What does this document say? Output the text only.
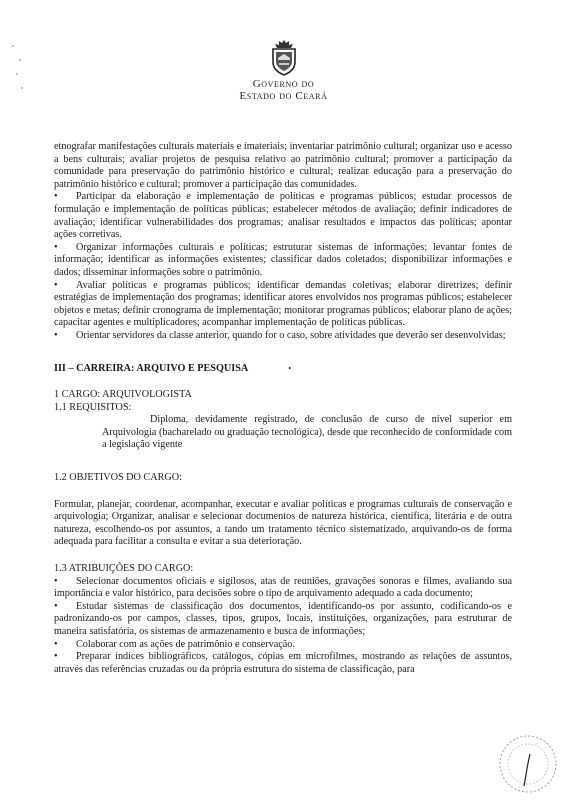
Governo do
Estado do Ceará

etnografar manifestações culturais materiais e imateriais; inventariar patrimônio cultural; organizar uso e acesso a bens culturais; avaliar projetos de pesquisa relativo ao patrimônio cultural; promover a participação da comunidade para preservação do patrimônio histórico e cultural; realizar educação para a preservação do patrimônio histórico e cultural; promover a participação das comunidades.

• Participar da elaboração e implementação de políticas e programas públicos; estudar processos de formulação e implementação de políticas públicas; estabelecer métodos de avaliação; definir indicadores de avaliação; identificar vulnerabilidades dos programas; analisar resultados e impactos das políticas; apontar ações corretivas.

• Organizar informações culturais e políticas; estruturar sistemas de informações; levantar fontes de informação; identificar as informações existentes; classificar dados coletados; disponibilizar informações e dados; disseminar informações sobre o patrimônio.

• Avaliar políticas e programas públicos; identificar demandas coletivas; elaborar diretrizes; definir estratégias de implementação dos programas; identificar atores envolvidos nos programas públicos; estabelecer objetos e metas; definir cronograma de implementação; monitorar programas públicos; elaborar plano de ações; capacitar agentes e multiplicadores; acompanhar implementação de políticas públicas.

• Orientar servidores da classe anterior, quando for o caso, sobre atividades que deverão ser desenvolvidas;

III – CARREIRA: ARQUIVO E PESQUISA	•

1 CARGO: ARQUIVOLOGISTA

1.1 REQUISITOS:

Diploma, devidamente registrado, de conclusão de curso de nível superior em Arquivologia (bacharelado ou graduação tecnológica), desde que reconhecido de conformidade com a legislação vigente

1.2 OBJETIVOS DO CARGO:

Formular, planejar, coordenar, acompanhar, executar e avaliar políticas e programas culturais de conservação e arquivologia; Organizar, analisar e selecionar documentos de natureza histórica, científica, literária e de outra natureza, escolhendo-os por assuntos, a tando um tratamento técnico sistematizado, arquivando-os de forma adequada para facilitar a consulta e evitar a sua deterioração.

1.3 ATRIBUIÇÕES DO CARGO:

• Selecionar documentos oficiais e sigilosos, atas de reuniões, gravações sonoras e filmes, avaliando sua importância e valor histórico, para decisões sobre o tipo de arquivamento adequado a cada documento;

• Estudar sistemas de classificação dos documentos, identificando-os por assunto, codificando-os e padronizando-os por campos, classes, tipos, grupos, locais, instituições, organizações, para estruturar de maneira satisfatória, os sistemas de armazenamento e busca de informações;

• Colaborar com as ações de patrimônio e conservação.

• Preparar índices bibliográficos, catálogos, cópias em microfilmes, mostrando as relações de assuntos, através das referências cruzadas ou da própria estrutura do sistema de classificação, para
